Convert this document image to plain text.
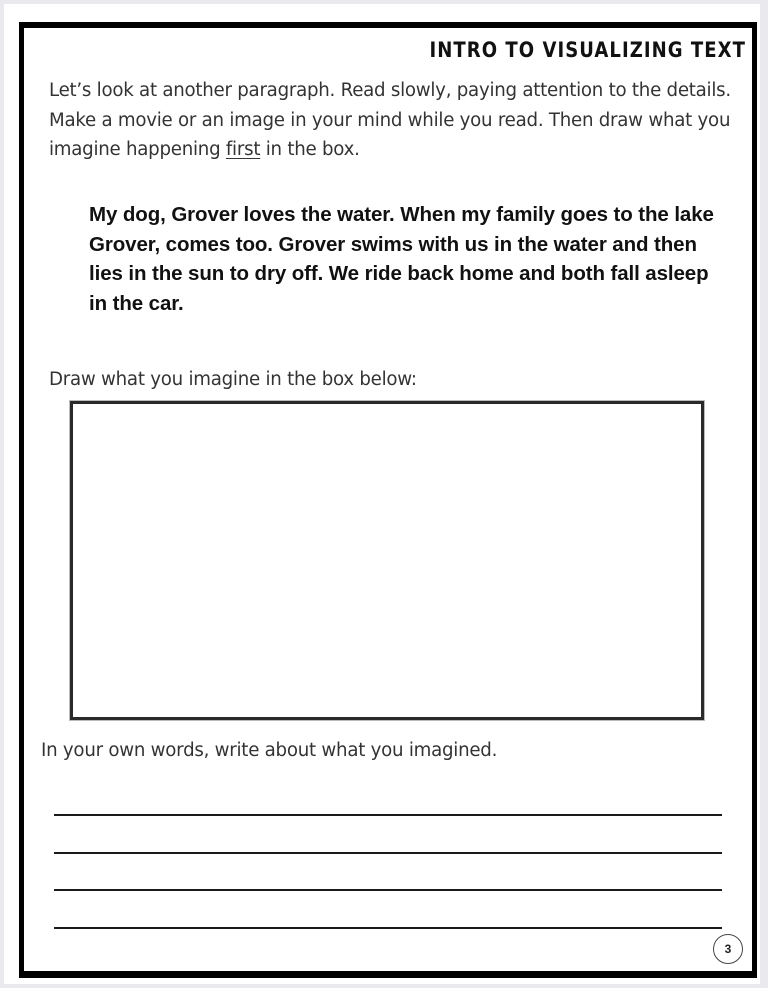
INTRO TO VISUALIZING TEXT
Let’s look at another paragraph. Read slowly, paying attention to the details. Make a movie or an image in your mind while you read. Then draw what you imagine happening first in the box.
My dog, Grover loves the water. When my family goes to the lake Grover, comes too. Grover swims with us in the water and then lies in the sun to dry off. We ride back home and both fall asleep in the car.
Draw what you imagine in the box below:
In your own words, write about what you imagined.
3
